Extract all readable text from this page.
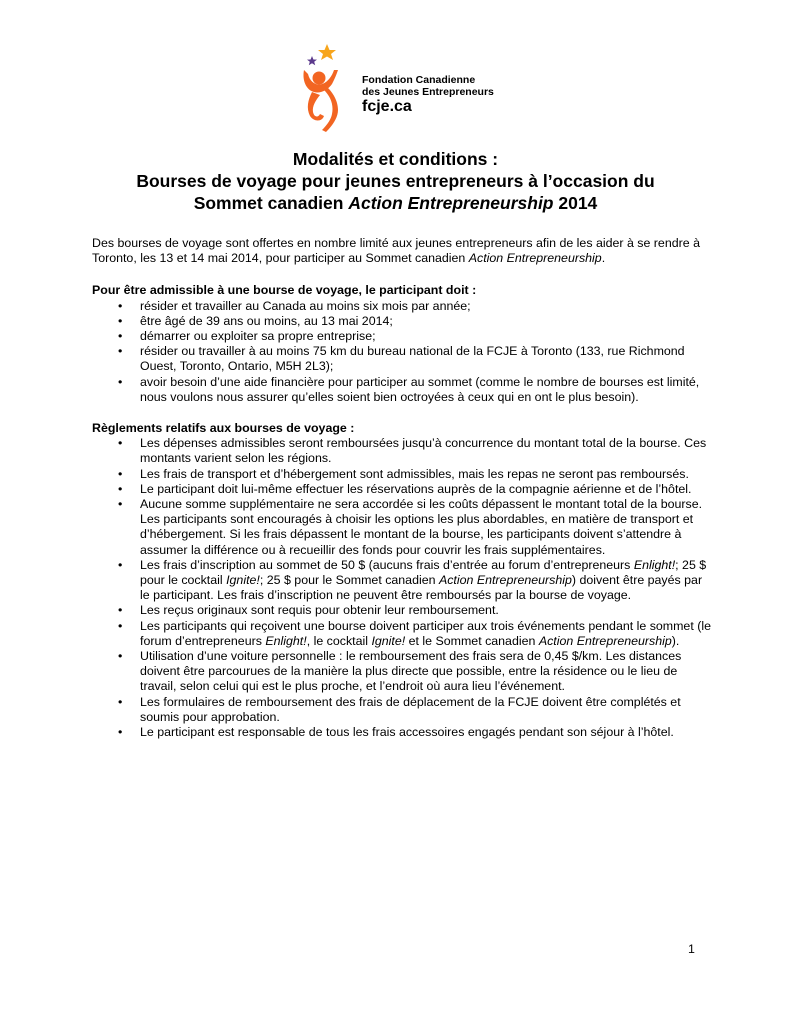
Fondation Canadienne
des Jeunes Entrepreneurs
fcje.ca
Modalités et conditions :
Bourses de voyage pour jeunes entrepreneurs à l’occasion du
Sommet canadien Action Entrepreneurship 2014

Des bourses de voyage sont offertes en nombre limité aux jeunes entrepreneurs afin de les aider à se rendre à Toronto, les 13 et 14 mai 2014, pour participer au Sommet canadien Action Entrepreneurship.

Pour être admissible à une bourse de voyage, le participant doit :

• résider et travailler au Canada au moins six mois par année;
• être âgé de 39 ans ou moins, au 13 mai 2014;
• démarrer ou exploiter sa propre entreprise;
• résider ou travailler à au moins 75 km du bureau national de la FCJE à Toronto (133, rue Richmond Ouest, Toronto, Ontario, M5H 2L3);
• avoir besoin d’une aide financière pour participer au sommet (comme le nombre de bourses est limité, nous voulons nous assurer qu’elles soient bien octroyées à ceux qui en ont le plus besoin).

Règlements relatifs aux bourses de voyage :

• Les dépenses admissibles seront remboursées jusqu’à concurrence du montant total de la bourse. Ces montants varient selon les régions.
• Les frais de transport et d’hébergement sont admissibles, mais les repas ne seront pas remboursés.
• Le participant doit lui-même effectuer les réservations auprès de la compagnie aérienne et de l’hôtel.
• Aucune somme supplémentaire ne sera accordée si les coûts dépassent le montant total de la bourse. Les participants sont encouragés à choisir les options les plus abordables, en matière de transport et d’hébergement. Si les frais dépassent le montant de la bourse, les participants doivent s’attendre à assumer la différence ou à recueillir des fonds pour couvrir les frais supplémentaires.
• Les frais d’inscription au sommet de 50 $ (aucuns frais d’entrée au forum d’entrepreneurs Enlight!; 25 $ pour le cocktail Ignite!; 25 $ pour le Sommet canadien Action Entrepreneurship) doivent être payés par le participant. Les frais d’inscription ne peuvent être remboursés par la bourse de voyage.
• Les reçus originaux sont requis pour obtenir leur remboursement.
• Les participants qui reçoivent une bourse doivent participer aux trois événements pendant le sommet (le forum d’entrepreneurs Enlight!, le cocktail Ignite! et le Sommet canadien Action Entrepreneurship).
• Utilisation d’une voiture personnelle : le remboursement des frais sera de 0,45 $/km. Les distances doivent être parcourues de la manière la plus directe que possible, entre la résidence ou le lieu de travail, selon celui qui est le plus proche, et l’endroit où aura lieu l’événement.
• Les formulaires de remboursement des frais de déplacement de la FCJE doivent être complétés et soumis pour approbation.
• Le participant est responsable de tous les frais accessoires engagés pendant son séjour à l’hôtel.
1
